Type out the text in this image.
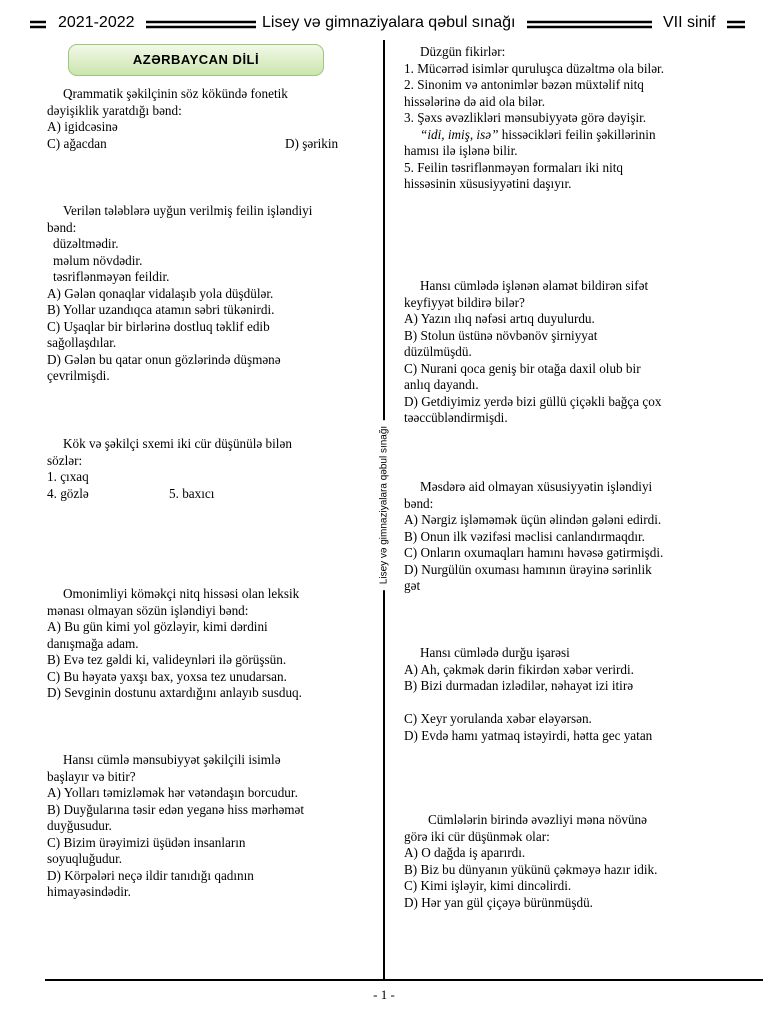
2021-2022	Lisey və gimnaziyalara qəbul sınağı	VII sinif
AZƏRBAYCAN DİLİ
Lisey və gimnaziyalara qəbul sınağı
Qrammatik şəkilçinin söz kökündə fonetik
dəyişiklik yaratdığı bənd:
A) igidcəsinə
C) ağacdan	D) şərikin
Verilən tələblərə uyğun verilmiş feilin işləndiyi
bənd:
düzəltmədir.
məlum növdədir.
təsriflənməyən feildir.
A) Gələn qonaqlar vidalaşıb yola düşdülər.
B) Yollar uzandıqca atamın səbri tükənirdi.
C) Uşaqlar bir birlərinə dostluq təklif edib
sağollaşdılar.
D) Gələn bu qatar onun gözlərində düşmənə
çevrilmişdi.
Kök və şəkilçi sxemi iki cür düşünülə bilən
sözlər:
1. çıxaq
4. gözlə	5. baxıcı
Omonimliyi köməkçi nitq hissəsi olan leksik
mənası olmayan sözün işləndiyi bənd:
A) Bu gün kimi yol gözləyir, kimi dərdini
danışmağa adam.
B) Evə tez gəldi ki, valideynləri ilə görüşsün.
C) Bu həyatə yaxşı bax, yoxsa tez unudarsan.
D) Sevginin dostunu axtardığını anlayıb susduq.
Hansı cümlə mənsubiyyət şəkilçili isimlə
başlayır və bitir?
A) Yolları təmizləmək hər vətəndaşın borcudur.
B) Duyğularına təsir edən yeganə hiss mərhəmət
duyğusudur.
C) Bizim ürəyimizi üşüdən insanların
soyuqluğudur.
D) Körpələri neçə ildir tanıdığı qadının
himayəsindədir.
Düzgün fikirlər:
1. Mücərrəd isimlər quruluşca düzəltmə ola bilər.
2. Sinonim və antonimlər bəzən müxtəlif nitq
hissələrinə də aid ola bilər.
3. Şəxs əvəzlikləri mənsubiyyətə görə dəyişir.
“idi, imiş, isə” hissəcikləri feilin şəkillərinin
hamısı ilə işlənə bilir.
5. Feilin təsriflənməyən formaları iki nitq
hissəsinin xüsusiyyətini daşıyır.
Hansı cümlədə işlənən əlamət bildirən sifət
keyfiyyət bildirə bilər?
A) Yazın ılıq nəfəsi artıq duyulurdu.
B) Stolun üstünə növbənöv şirniyyat
düzülmüşdü.
C) Nurani qoca geniş bir otağa daxil olub bir
anlıq dayandı.
D) Getdiyimiz yerdə bizi güllü çiçəkli bağça çox
təəccübləndirmişdi.
Məsdərə aid olmayan xüsusiyyətin işləndiyi
bənd:
A) Nərgiz işləməmək üçün əlindən gələni edirdi.
B) Onun ilk vəzifəsi məclisi canlandırmaqdır.
C) Onların oxumaqları hamını həvəsə gətirmişdi.
D) Nurgülün oxuması hamının ürəyinə sərinlik
gət
Hansı cümlədə durğu işarəsi
A) Ah, çəkmək dərin fikirdən xəbər verirdi.
B) Bizi durmadan izlədilər, nəhayət izi itirə
C) Xeyr yorulanda xəbər eləyərsən.
D) Evdə hamı yatmaq istəyirdi, hətta gec yatan
Cümlələrin birində əvəzliyi məna növünə
görə iki cür düşünmək olar:
A) O dağda iş aparırdı.
B) Biz bu dünyanın yükünü çəkməyə hazır idik.
C) Kimi işləyir, kimi dincəlirdi.
D) Hər yan gül çiçəyə bürünmüşdü.
- 1 -
